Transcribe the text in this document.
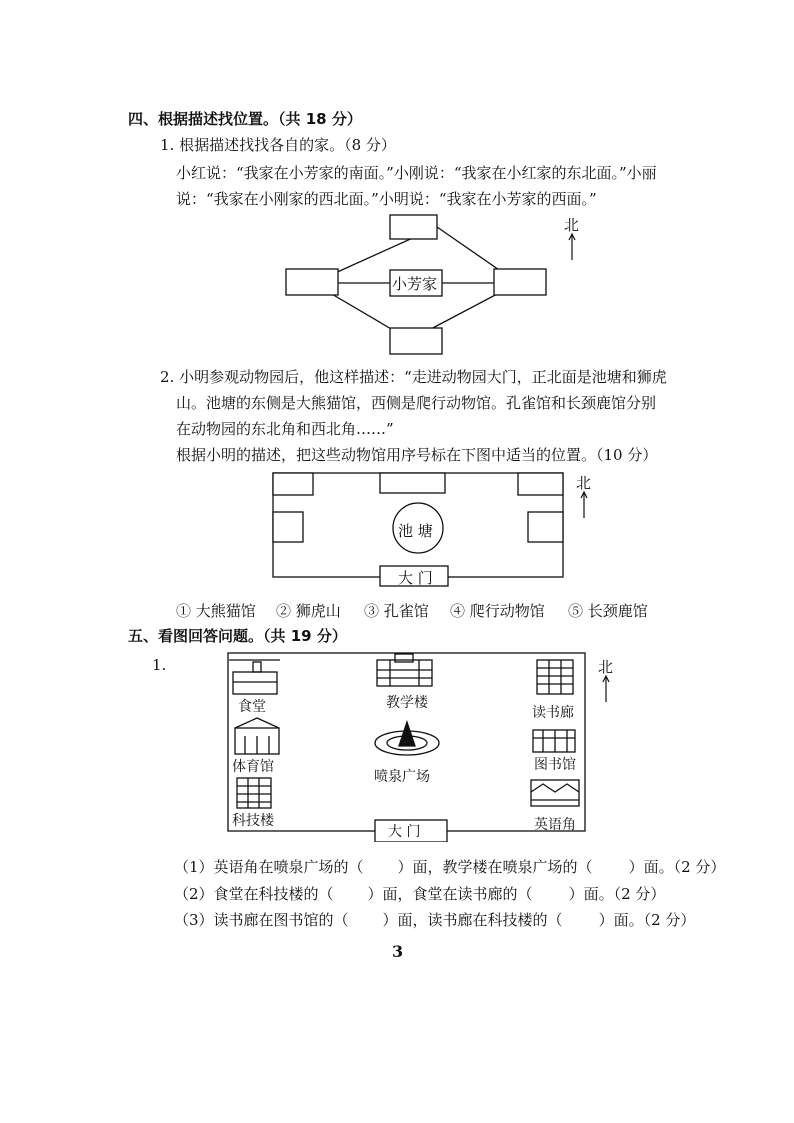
四、根据描述找位置。（共 18 分）
1. 根据描述找找各自的家。（8 分）
小红说：“我家在小芳家的南面。”小刚说：“我家在小红家的东北面。”小丽
说：“我家在小刚家的西北面。”小明说：“我家在小芳家的西面。”
小芳家
北
2. 小明参观动物园后，他这样描述：“走进动物园大门，正北面是池塘和狮虎
山。池塘的东侧是大熊猫馆，西侧是爬行动物馆。孔雀馆和长颈鹿馆分别
在动物园的东北角和西北角……”
根据小明的描述，把这些动物馆用序号标在下图中适当的位置。（10 分）
池 塘
大 门
北
① 大熊猫馆 ② 狮虎山 ③ 孔雀馆 ④ 爬行动物馆 ⑤ 长颈鹿馆
五、看图回答问题。（共 19 分）
1.
食堂	教学楼
读书廊
体育馆
喷泉广场
图书馆
科技楼	英语角
大 门
北
（1）英语角在喷泉广场的（ ）面，教学楼在喷泉广场的（ ）面。（2 分）
（2）食堂在科技楼的（ ）面，食堂在读书廊的（ ）面。（2 分）
（3）读书廊在图书馆的（ ）面，读书廊在科技楼的（ ）面。（2 分）
3
